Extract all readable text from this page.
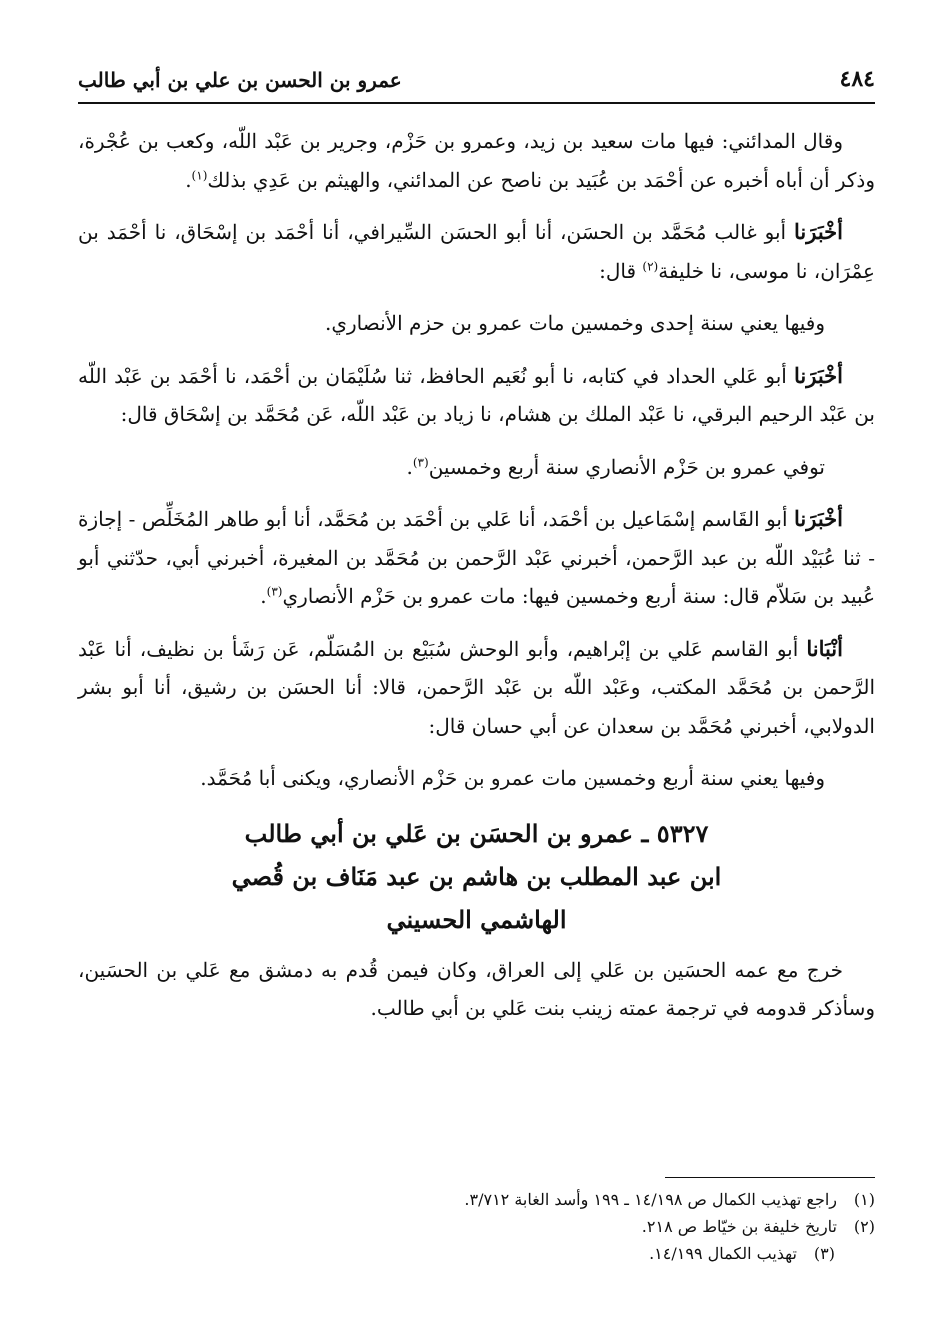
٤٨٤
عمرو بن الحسن بن علي بن أبي طالب

وقال المدائني: فيها مات سعيد بن زيد، وعمرو بن حَزْم، وجرير بن عَبْد اللّه، وكعب بن عُجْرة، وذكر أن أباه أخبره عن أحْمَد بن عُبَيد بن ناصح عن المدائني، والهيثم بن عَدِي بذلك$^{(١)}$.

أخْبَرَنا أبو غالب مُحَمَّد بن الحسَن، أنا أبو الحسَن السِّيرافي، أنا أحْمَد بن إسْحَاق، نا أحْمَد بن عِمْرَان، نا موسى، نا خليفة$^{(٢)}$ قال:

وفيها يعني سنة إحدى وخمسين مات عمرو بن حزم الأنصاري.

أخْبَرَنا أبو عَلي الحداد في كتابه، نا أبو نُعَيم الحافظ، ثنا سُلَيْمَان بن أحْمَد، نا أحْمَد بن عَبْد اللّه بن عَبْد الرحيم البرقي، نا عَبْد الملك بن هشام، نا زياد بن عَبْد اللّه، عَن مُحَمَّد بن إسْحَاق قال:

توفي عمرو بن حَزْم الأنصاري سنة أربع وخمسين$^{(٣)}$.

أخْبَرَنا أبو القَاسم إسْمَاعيل بن أحْمَد، أنا عَلي بن أحْمَد بن مُحَمَّد، أنا أبو طاهر المُخَلِّص - إجازة - ثنا عُبَيْد اللّه بن عبد الرَّحمن، أخبرني عَبْد الرَّحمن بن مُحَمَّد بن المغيرة، أخبرني أبي، حدّثني أبو عُبيد بن سَلاّم قال: سنة أربع وخمسين فيها: مات عمرو بن حَزْم الأنصاري$^{(٣)}$.

أنْبَانا أبو القاسم عَلي بن إبْراهيم، وأبو الوحش سُبَيْع بن المُسَلّم، عَن رَشَأ بن نظيف، أنا عَبْد الرَّحمن بن مُحَمَّد المكتب، وعَبْد اللّه بن عَبْد الرَّحمن، قالا: أنا الحسَن بن رشيق، أنا أبو بشر الدولابي، أخبرني مُحَمَّد بن سعدان عن أبي حسان قال:

وفيها يعني سنة أربع وخمسين مات عمرو بن حَزْم الأنصاري، ويكنى أبا مُحَمَّد.

٥٣٢٧ ـ عمرو بن الحسَن بن عَلي بن أبي طالب
ابن عبد المطلب بن هاشم بن عبد مَنَاف بن قُصي
الهاشمي الحسيني

خرج مع عمه الحسَين بن عَلي إلى العراق، وكان فيمن قُدم به دمشق مع عَلي بن الحسَين، وسأذكر قدومه في ترجمة عمته زينب بنت عَلي بن أبي طالب.

(١)راجع تهذيب الكمال ص ١٤/١٩٨ ـ ١٩٩ وأسد الغابة ٣/٧١٢.
(٢)تاريخ خليفة بن خيّاط ص ٢١٨.
(٣)تهذيب الكمال ١٤/١٩٩.
